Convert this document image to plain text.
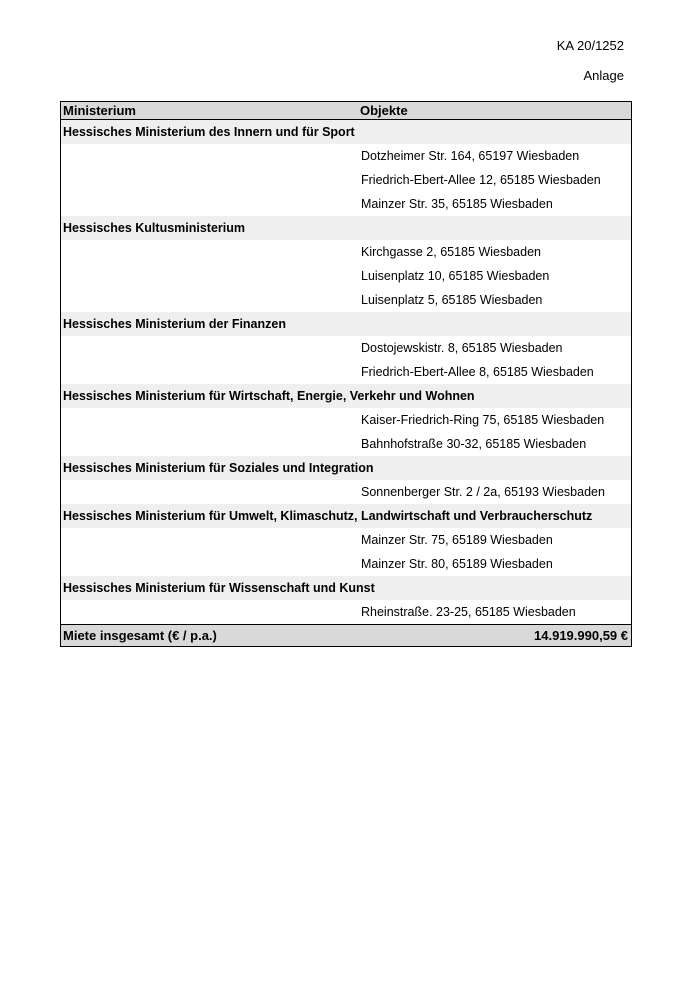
KA 20/1252
Anlage
Ministerium	Objekte
Hessisches Ministerium des Innern und für Sport
Dotzheimer Str. 164, 65197 Wiesbaden
Friedrich-Ebert-Allee 12, 65185 Wiesbaden
Mainzer Str. 35, 65185 Wiesbaden
Hessisches Kultusministerium
Kirchgasse 2, 65185 Wiesbaden
Luisenplatz 10, 65185 Wiesbaden
Luisenplatz 5, 65185 Wiesbaden
Hessisches Ministerium der Finanzen
Dostojewskistr. 8, 65185 Wiesbaden
Friedrich-Ebert-Allee 8, 65185 Wiesbaden
Hessisches Ministerium für Wirtschaft, Energie, Verkehr und Wohnen
Kaiser-Friedrich-Ring 75, 65185 Wiesbaden
Bahnhofstraße 30-32, 65185 Wiesbaden
Hessisches Ministerium für Soziales und Integration
Sonnenberger Str. 2 / 2a, 65193 Wiesbaden
Hessisches Ministerium für Umwelt, Klimaschutz, Landwirtschaft und Verbraucherschutz
Mainzer Str. 75, 65189 Wiesbaden
Mainzer Str. 80, 65189 Wiesbaden
Hessisches Ministerium für Wissenschaft und Kunst
Rheinstraße. 23-25, 65185 Wiesbaden
Miete insgesamt (€ / p.a.)	14.919.990,59 €
